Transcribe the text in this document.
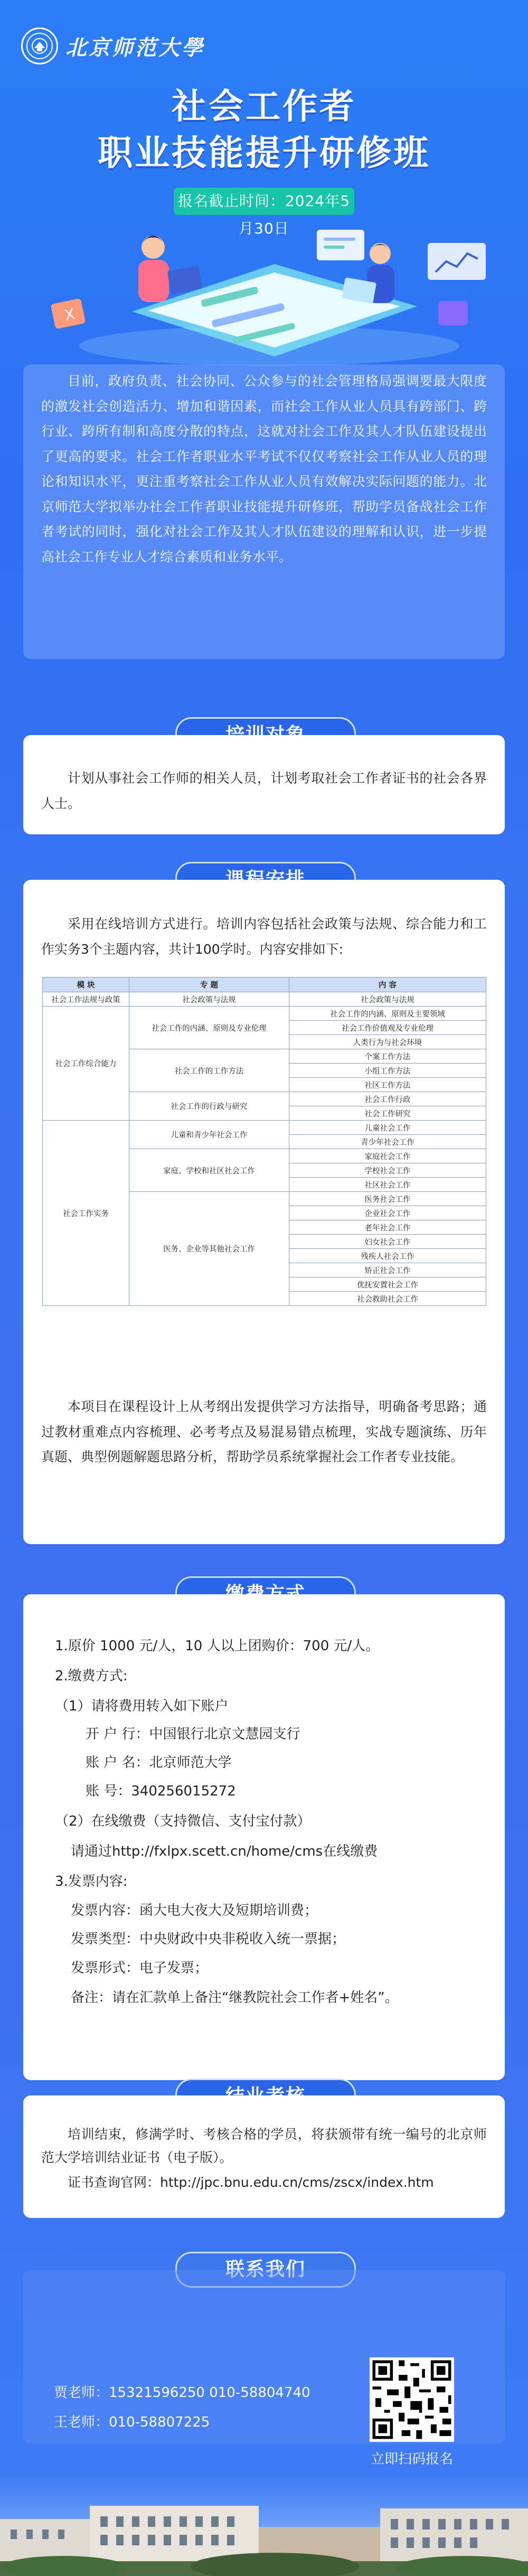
北京师范大學
社会工作者
职业技能提升研修班
报名截止时间：2024年5月30日
X

目前，政府负责、社会协同、公众参与的社会管理格局强调要最大限度的激发社会创造活力、增加和谐因素，而社会工作从业人员具有跨部门、跨行业、跨所有制和高度分散的特点，这就对社会工作及其人才队伍建设提出了更高的要求。社会工作者职业水平考试不仅仅考察社会工作从业人员的理论和知识水平，更注重考察社会工作从业人员有效解决实际问题的能力。北京师范大学拟举办社会工作者职业技能提升研修班，帮助学员备战社会工作者考试的同时，强化对社会工作及其人才队伍建设的理解和认识，进一步提高社会工作专业人才综合素质和业务水平。

计划从事社会工作师的相关人员，计划考取社会工作者证书的社会各界人士。

采用在线培训方式进行。培训内容包括社会政策与法规、综合能力和工作实务3个主题内容，共计100学时。内容安排如下:

模 块	专 题	内 容
社会工作法规与政策	社会政策与法规	社会政策与法规
社会工作综合能力	社会工作的内涵、原则及专业伦理	社会工作的内涵、原则及主要领域
		社会工作价值观及专业伦理
		人类行为与社会环境
	社会工作的工作方法	个案工作方法
		小组工作方法
		社区工作方法
	社会工作的行政与研究	社会工作行政
		社会工作研究
社会工作实务	儿童和青少年社会工作	儿童社会工作
		青少年社会工作
	家庭、学校和社区社会工作	家庭社会工作
		学校社会工作
		社区社会工作
	医务、企业等其他社会工作	医务社会工作
		企业社会工作
		老年社会工作
		妇女社会工作
		残疾人社会工作
		矫正社会工作
		优抚安置社会工作
		社会救助社会工作

本项目在课程设计上从考纲出发提供学习方法指导，明确备考思路；通过教材重难点内容梳理、必考考点及易混易错点梳理，实战专题演练、历年真题、典型例题解题思路分析，帮助学员系统掌握社会工作者专业技能。

1.原价 1000 元/人，10 人以上团购价：700 元/人。
2.缴费方式:
（1）请将费用转入如下账户
开 户 行：中国银行北京文慧园支行
账 户 名：北京师范大学
账 号：340256015272
（2）在线缴费（支持微信、支付宝付款）
请通过http://fxlpx.scett.cn/home/cms在线缴费
3.发票内容:
发票内容：函大电大夜大及短期培训费；
发票类型：中央财政中央非税收入统一票据；
发票形式：电子发票；
备注：请在汇款单上备注“继教院社会工作者+姓名”。

培训结束，修满学时、考核合格的学员，将获颁带有统一编号的北京师范大学培训结业证书（电子版）。

证书查询官网：http://jpc.bnu.edu.cn/cms/zscx/index.htm

联系我们
贾老师：15321596250 010-58804740
王老师：010-58807225
立即扫码报名
